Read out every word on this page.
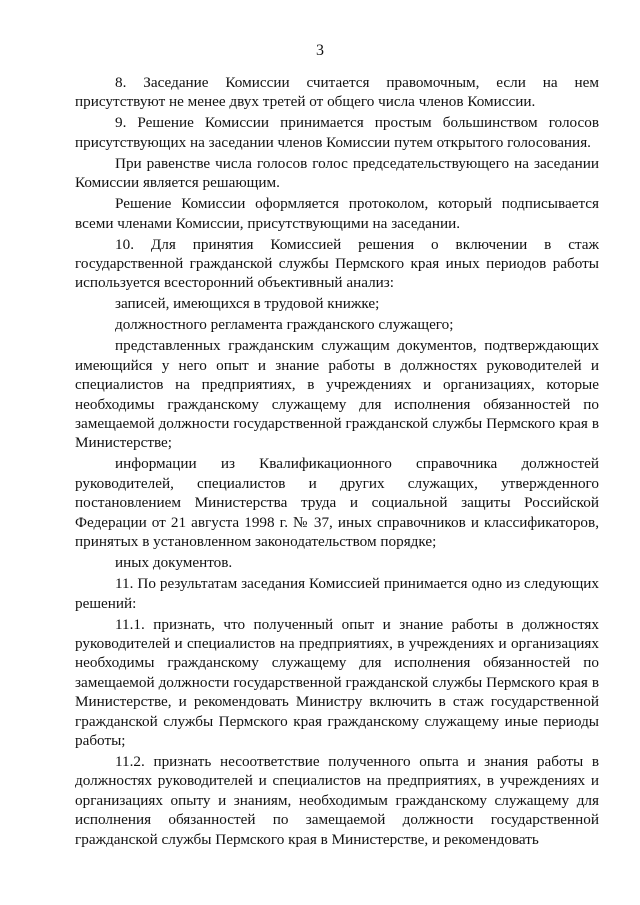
3

8. Заседание Комиссии считается правомочным, если на нем присутствуют не менее двух третей от общего числа членов Комиссии.

9. Решение Комиссии принимается простым большинством голосов присутствующих на заседании членов Комиссии путем открытого голосования.

При равенстве числа голосов голос председательствующего на заседании Комиссии является решающим.

Решение Комиссии оформляется протоколом, который подписывается всеми членами Комиссии, присутствующими на заседании.

10. Для принятия Комиссией решения о включении в стаж государственной гражданской службы Пермского края иных периодов работы используется всесторонний объективный анализ:

записей, имеющихся в трудовой книжке;

должностного регламента гражданского служащего;

представленных гражданским служащим документов, подтверждающих имеющийся у него опыт и знание работы в должностях руководителей и специалистов на предприятиях, в учреждениях и организациях, которые необходимы гражданскому служащему для исполнения обязанностей по замещаемой должности государственной гражданской службы Пермского края в Министерстве;

информации из Квалификационного справочника должностей руководителей, специалистов и других служащих, утвержденного постановлением Министерства труда и социальной защиты Российской Федерации от 21 августа 1998 г. № 37, иных справочников и классификаторов, принятых в установленном законодательством порядке;

иных документов.

11. По результатам заседания Комиссией принимается одно из следующих решений:

11.1. признать, что полученный опыт и знание работы в должностях руководителей и специалистов на предприятиях, в учреждениях и организациях необходимы гражданскому служащему для исполнения обязанностей по замещаемой должности государственной гражданской службы Пермского края в Министерстве, и рекомендовать Министру включить в стаж государственной гражданской службы Пермского края гражданскому служащему иные периоды работы;

11.2. признать несоответствие полученного опыта и знания работы в должностях руководителей и специалистов на предприятиях, в учреждениях и организациях опыту и знаниям, необходимым гражданскому служащему для исполнения обязанностей по замещаемой должности государственной гражданской службы Пермского края в Министерстве, и рекомендовать
